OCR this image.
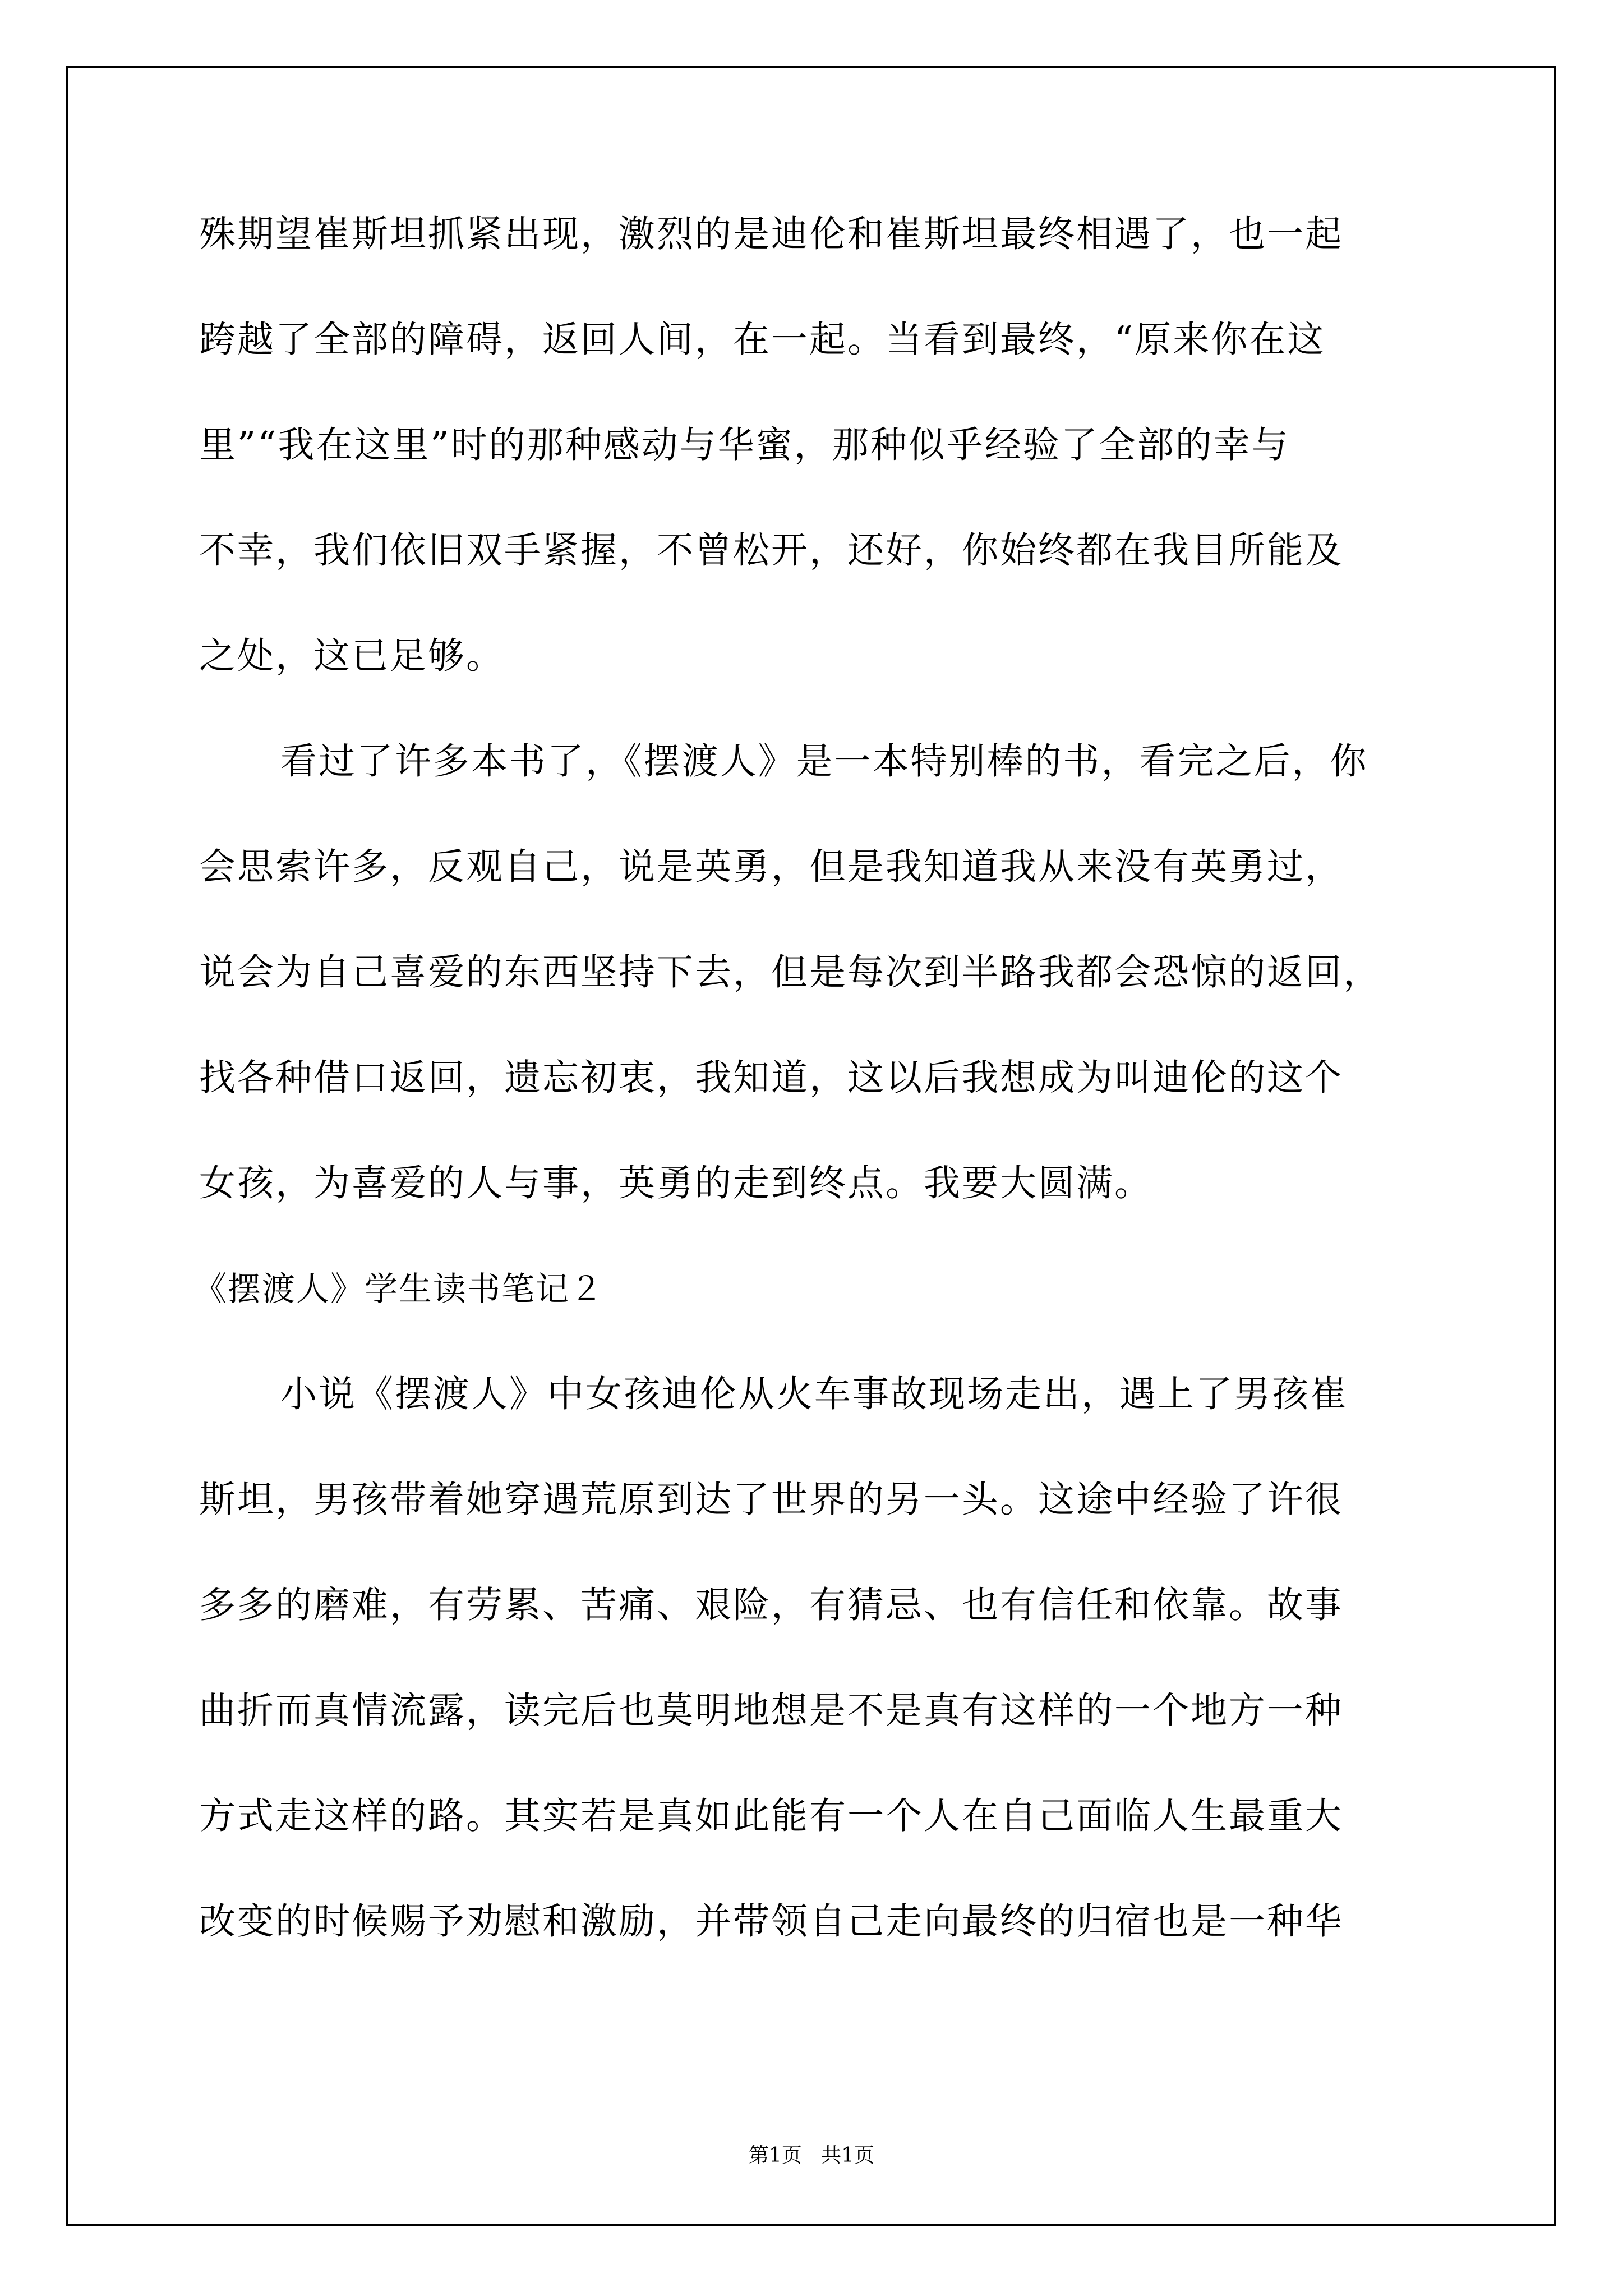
殊期望崔斯坦抓紧出现，激烈的是迪伦和崔斯坦最终相遇了，也一起
跨越了全部的障碍，返回人间，在一起。当看到最终，“原来你在这
里”“我在这里”时的那种感动与华蜜，那种似乎经验了全部的幸与
不幸，我们依旧双手紧握，不曾松开，还好，你始终都在我目所能及
之处，这已足够。
看过了许多本书了，《摆渡人》是一本特别棒的书，看完之后，你
会思索许多，反观自己，说是英勇，但是我知道我从来没有英勇过，
说会为自己喜爱的东西坚持下去，但是每次到半路我都会恐惊的返回，
找各种借口返回，遗忘初衷，我知道，这以后我想成为叫迪伦的这个
女孩，为喜爱的人与事，英勇的走到终点。我要大圆满。
《摆渡人》学生读书笔记２
小说《摆渡人》中女孩迪伦从火车事故现场走出，遇上了男孩崔
斯坦，男孩带着她穿遇荒原到达了世界的另一头。这途中经验了许很
多多的磨难，有劳累、苦痛、艰险，有猜忌、也有信任和依靠。故事
曲折而真情流露，读完后也莫明地想是不是真有这样的一个地方一种
方式走这样的路。其实若是真如此能有一个人在自己面临人生最重大
改变的时候赐予劝慰和激励，并带领自己走向最终的归宿也是一种华
第1页   共1页
